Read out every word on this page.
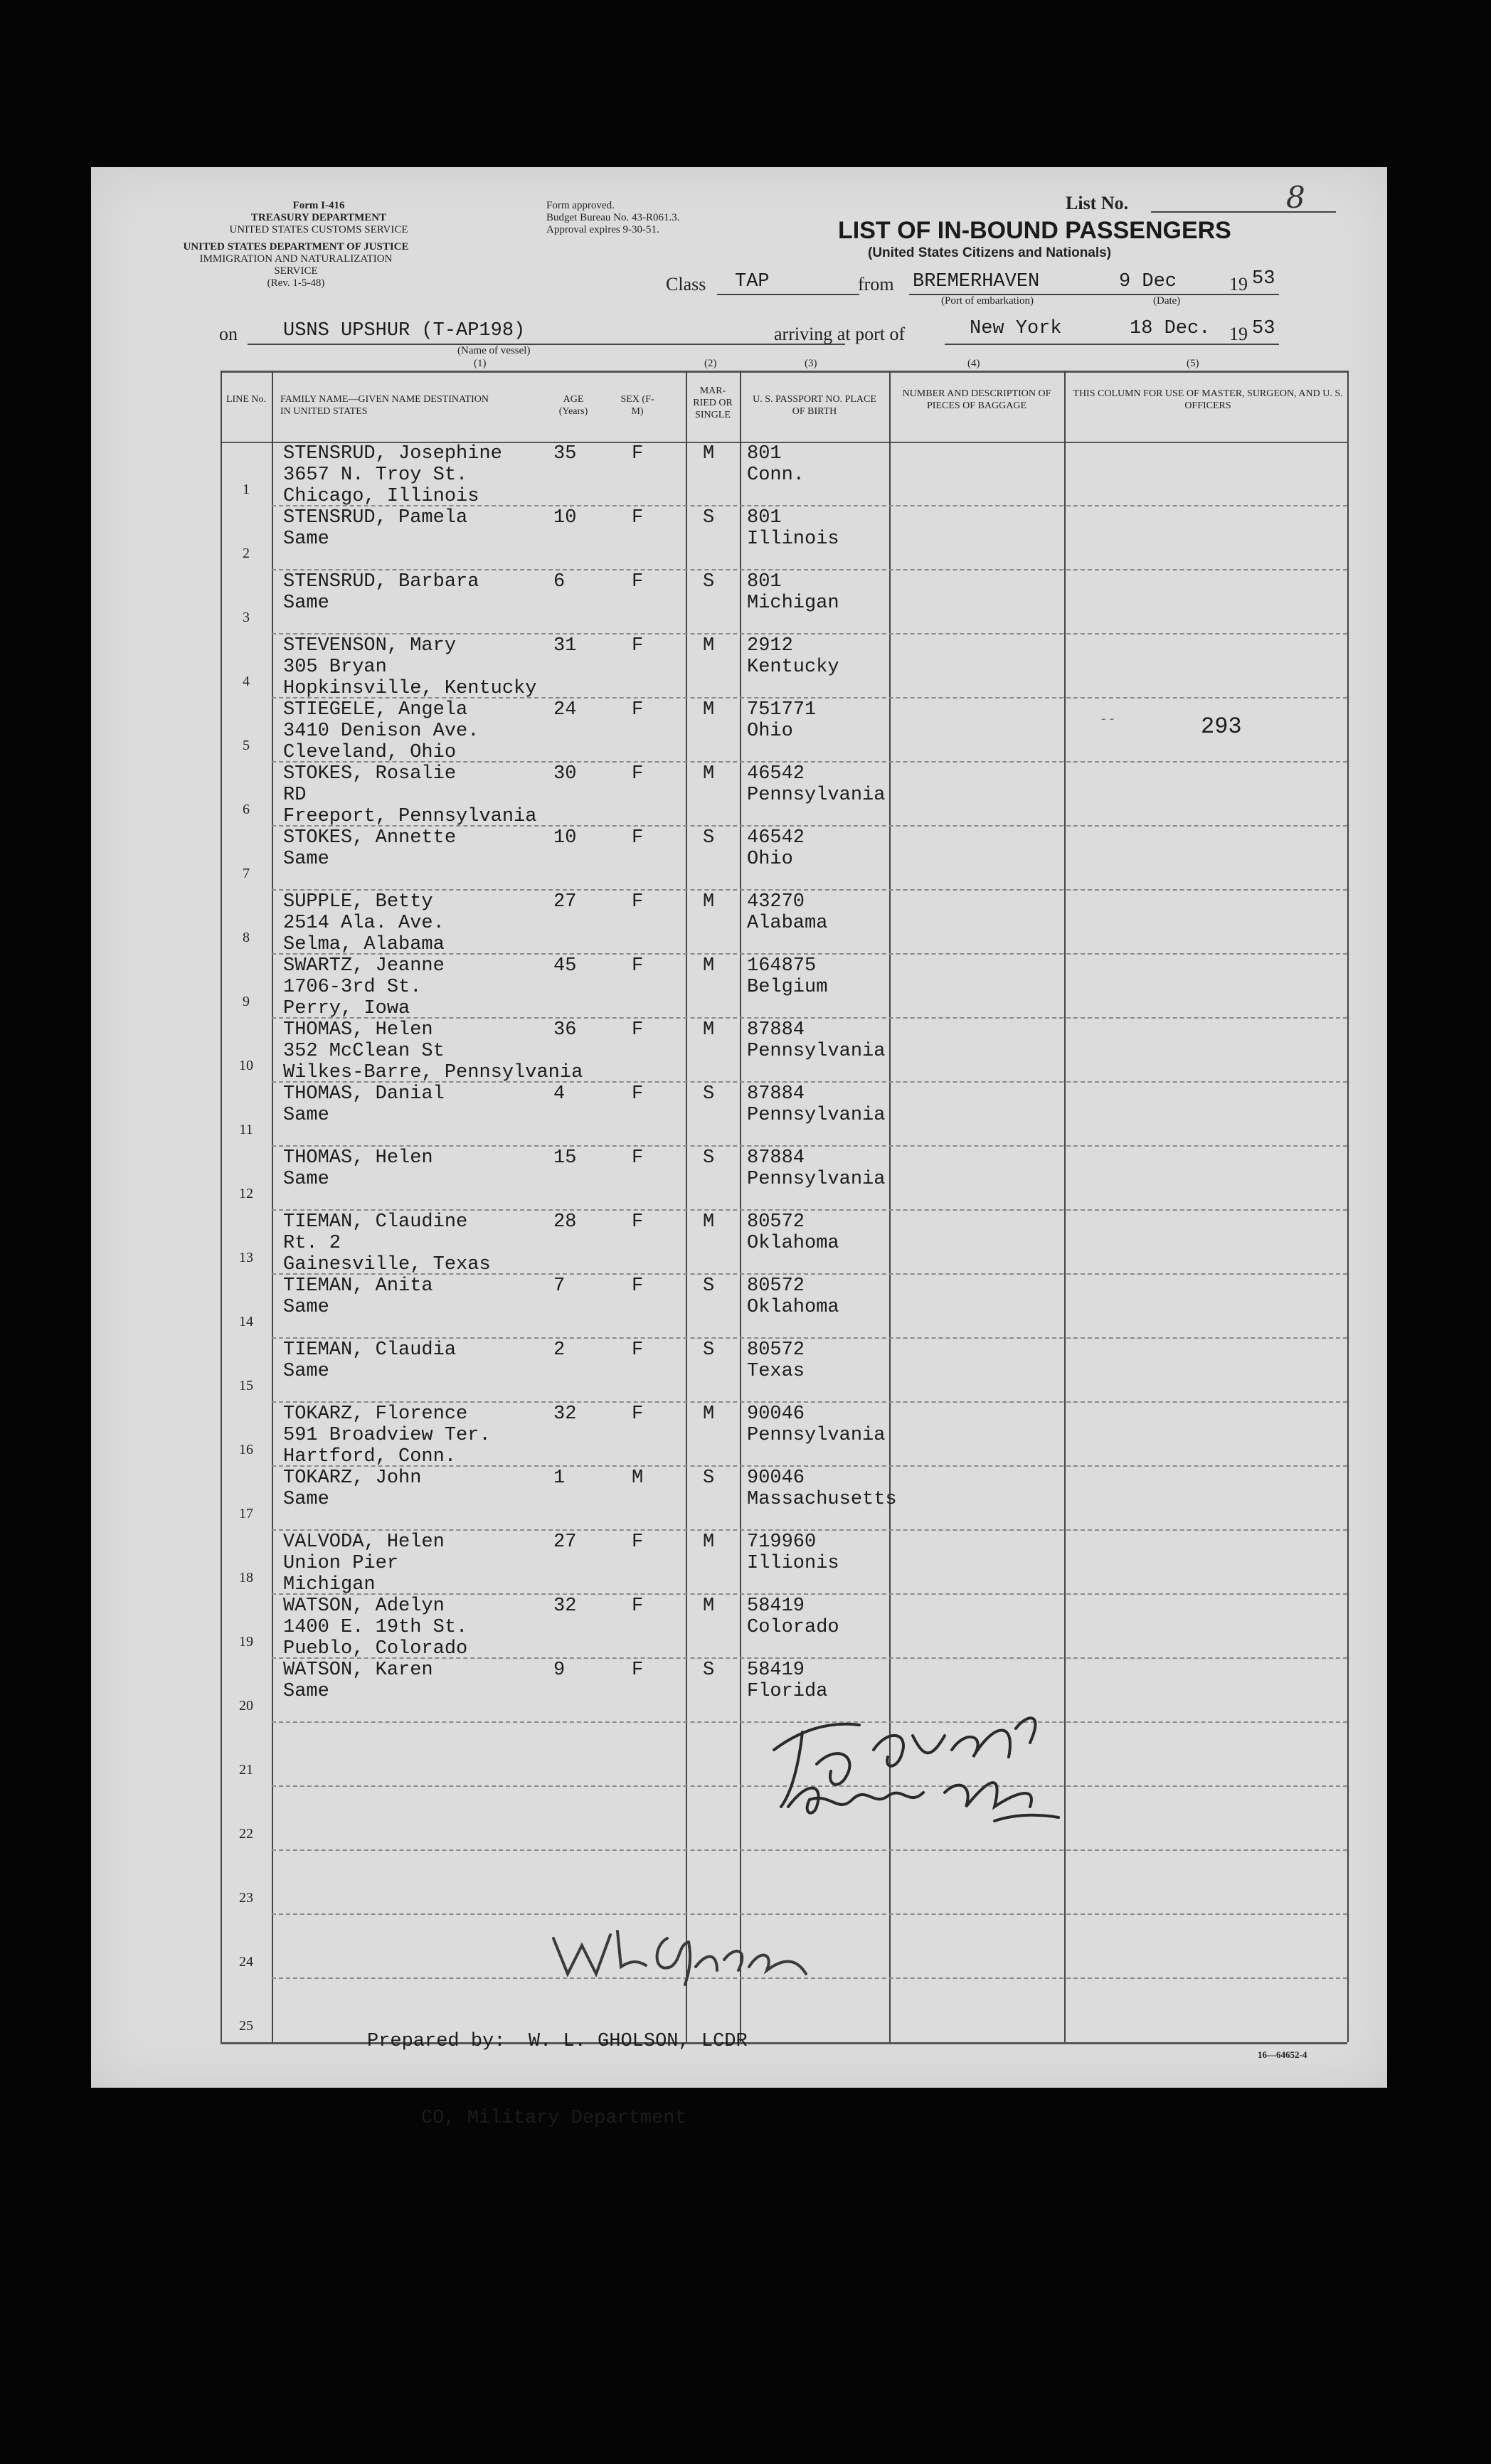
Form I-416
TREASURY DEPARTMENT
UNITED STATES CUSTOMS SERVICE
UNITED STATES DEPARTMENT OF JUSTICE
IMMIGRATION AND NATURALIZATION SERVICE
(Rev. 1-5-48)
Form approved.
Budget Bureau No. 43-R061.3.
Approval expires 9-30-51.
List No.	8
LIST OF IN-BOUND PASSENGERS
(United States Citizens and Nationals)
Class TAP	from BREMERHAVEN
(Port of embarkation)
9 Dec
(Date)
19 53
on USNS UPSHUR (T-AP198)
(Name of vessel)
(1)
arriving at port of	New York	18 Dec. 19 53
(2)	(3)	(4)	(5)
LINE No.	FAMILY NAME—GIVEN NAME DESTINATION IN UNITED STATES
AGE (Years)
SEX (F-M)
MAR-RIED OR SINGLE
U. S. PASSPORT NO. PLACE OF BIRTH
NUMBER AND DESCRIPTION OF PIECES OF BAGGAGE
THIS COLUMN FOR USE OF MASTER, SURGEON, AND U. S. OFFICERS
1
STENSRUD, Josephine
3657 N. Troy St.
Chicago, Illinois
35	F	M 801
Conn.
2
STENSRUD, Pamela
Same
10	F	S 801
Illinois
3
STENSRUD, Barbara
Same
6	F	S 801
Michigan
4
STEVENSON, Mary
305 Bryan
Hopkinsville, Kentucky
31	F	M 2912
Kentucky
5
STIEGELE, Angela
3410 Denison Ave.
Cleveland, Ohio
24	F	M 751771
Ohio
6
STOKES, Rosalie
RD
Freeport, Pennsylvania
30	F	M 46542
Pennsylvania
7
STOKES, Annette
Same
10	F	S 46542
Ohio
8
SUPPLE, Betty
2514 Ala. Ave.
Selma, Alabama
27	F	M 43270
Alabama
9
SWARTZ, Jeanne
1706-3rd St.
Perry, Iowa
45	F	M 164875
Belgium
10
THOMAS, Helen
352 McClean St
Wilkes-Barre, Pennsylvania
36	F	M 87884
Pennsylvania
11
THOMAS, Danial
Same
4	F	S 87884
Pennsylvania
12
THOMAS, Helen
Same
15	F	S 87884
Pennsylvania
13
TIEMAN, Claudine
Rt. 2
Gainesville, Texas
28	F	M 80572
Oklahoma
14
TIEMAN, Anita
Same
7	F	S 80572
Oklahoma
15
TIEMAN, Claudia
Same
2	F	S 80572
Texas
16
TOKARZ, Florence
591 Broadview Ter.
Hartford, Conn.
32	F	M 90046
Pennsylvania
17
TOKARZ, John
Same
1	M	S 90046
Massachusetts
18
VALVODA, Helen
Union Pier
Michigan
27	F	M 719960
Illionis
19
WATSON, Adelyn
1400 E. 19th St.
Pueblo, Colorado
32	F	M 58419
Colorado
20
WATSON, Karen
Same
9	F	S 58419
Florida
21
22
23
24
25
293
- -

Prepared by:  W. L. GHOLSON, LCDR

CO, Military Department

16—64652-4
